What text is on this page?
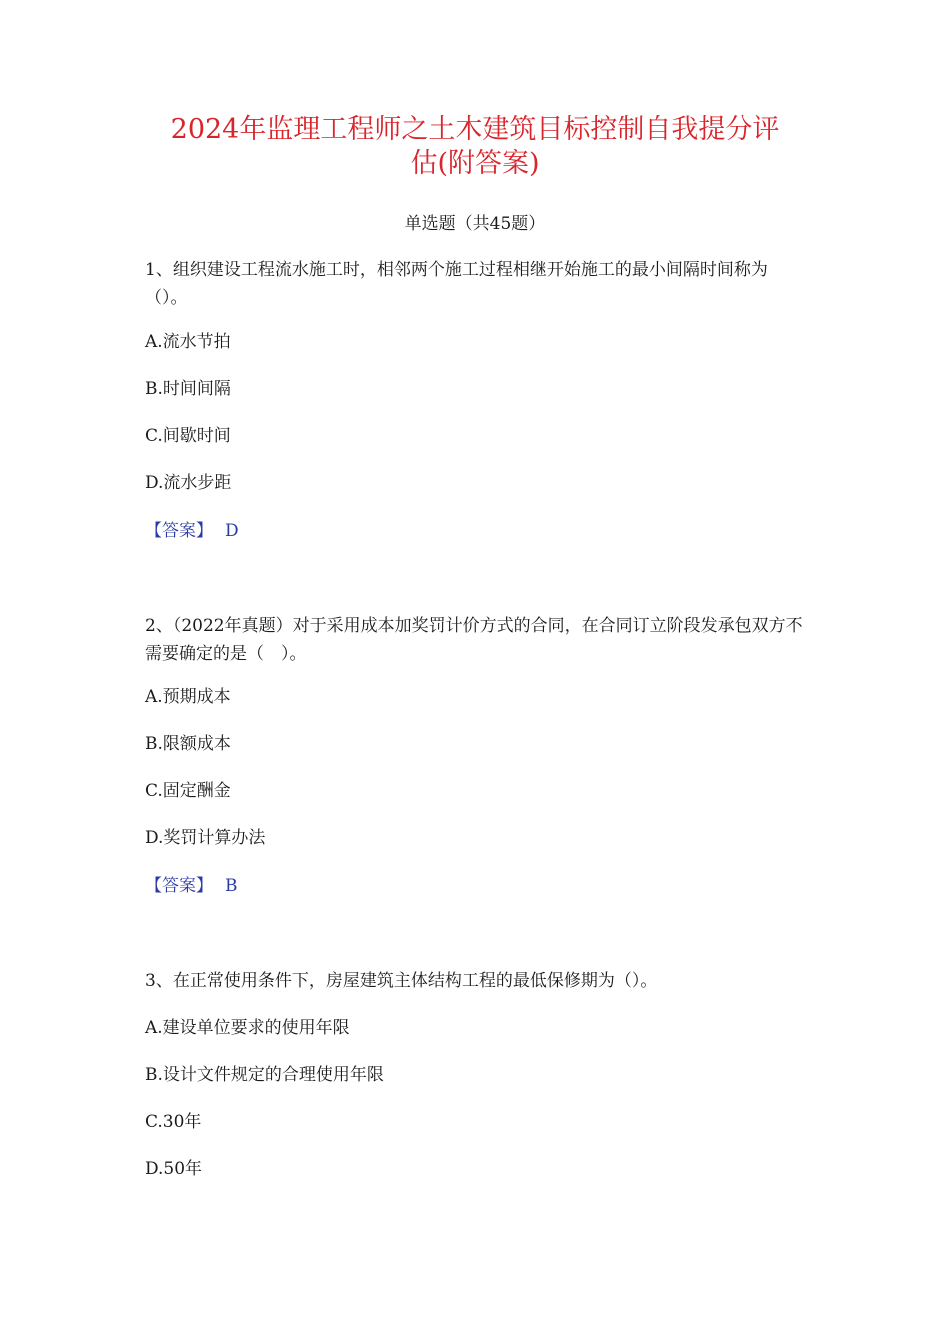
2024年监理工程师之土木建筑目标控制自我提分评
估(附答案)
单选题（共45题）

1、组织建设工程流水施工时，相邻两个施工过程相继开始施工的最小间隔时间称为（）。

A.流水节拍
B.时间间隔
C.间歇时间
D.流水步距
【答案】 D

2、（2022年真题）对于采用成本加奖罚计价方式的合同，在合同订立阶段发承包双方不需要确定的是（　）。

A.预期成本
B.限额成本
C.固定酬金
D.奖罚计算办法
【答案】 B

3、在正常使用条件下，房屋建筑主体结构工程的最低保修期为（）。

A.建设单位要求的使用年限
B.设计文件规定的合理使用年限
C.30年
D.50年
